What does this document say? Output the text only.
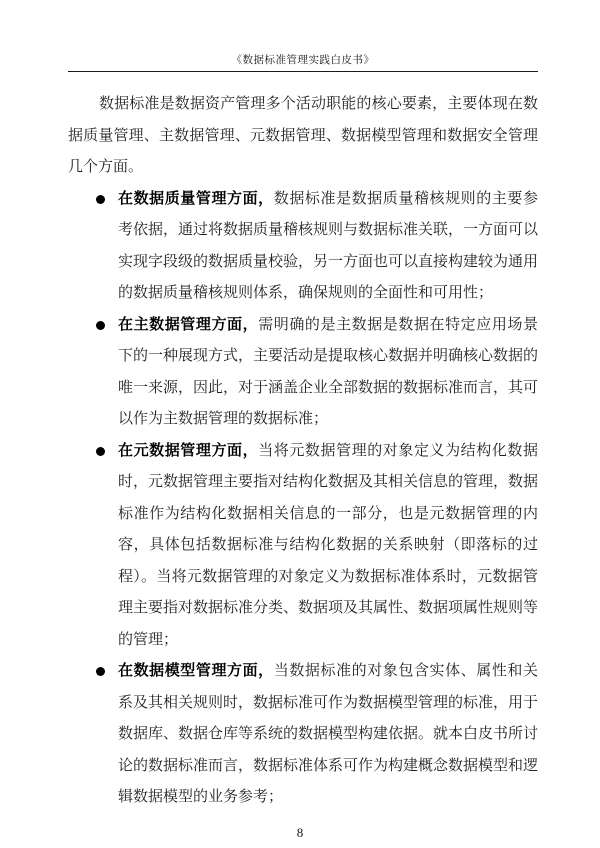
《数据标准管理实践白皮书》

数据标准是数据资产管理多个活动职能的核心要素，主要体现在数据质量管理、主数据管理、元数据管理、数据模型管理和数据安全管理几个方面。

在数据质量管理方面，数据标准是数据质量稽核规则的主要参考依据，通过将数据质量稽核规则与数据标准关联，一方面可以实现字段级的数据质量校验，另一方面也可以直接构建较为通用的数据质量稽核规则体系，确保规则的全面性和可用性；
在主数据管理方面，需明确的是主数据是数据在特定应用场景下的一种展现方式，主要活动是提取核心数据并明确核心数据的唯一来源，因此，对于涵盖企业全部数据的数据标准而言，其可以作为主数据管理的数据标准；
在元数据管理方面，当将元数据管理的对象定义为结构化数据时，元数据管理主要指对结构化数据及其相关信息的管理，数据标准作为结构化数据相关信息的一部分，也是元数据管理的内容，具体包括数据标准与结构化数据的关系映射（即落标的过程）。当将元数据管理的对象定义为数据标准体系时，元数据管理主要指对数据标准分类、数据项及其属性、数据项属性规则等的管理；
在数据模型管理方面，当数据标准的对象包含实体、属性和关系及其相关规则时，数据标准可作为数据模型管理的标准，用于数据库、数据仓库等系统的数据模型构建依据。就本白皮书所讨论的数据标准而言，数据标准体系可作为构建概念数据模型和逻辑数据模型的业务参考；
8
